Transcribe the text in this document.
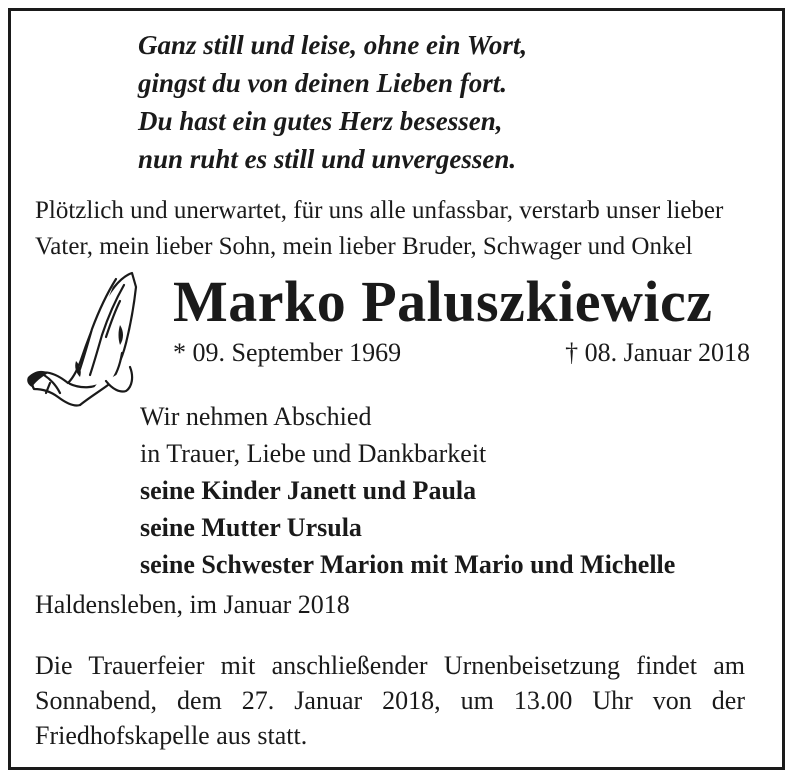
Ganz still und leise, ohne ein Wort,
gingst du von deinen Lieben fort.
Du hast ein gutes Herz besessen,
nun ruht es still und unvergessen.
Plötzlich und unerwartet, für uns alle unfassbar, verstarb unser lieber
Vater, mein lieber Sohn, mein lieber Bruder, Schwager und Onkel
Marko Paluszkiewicz
* 09. September 1969	† 08. Januar 2018
Wir nehmen Abschied
in Trauer, Liebe und Dankbarkeit
seine Kinder Janett und Paula
seine Mutter Ursula
seine Schwester Marion mit Mario und Michelle
Haldensleben, im Januar 2018
Die Trauerfeier mit anschließender Urnenbeisetzung findet am Sonnabend, dem 27. Januar 2018, um 13.00 Uhr von der Friedhofskapelle aus statt.
